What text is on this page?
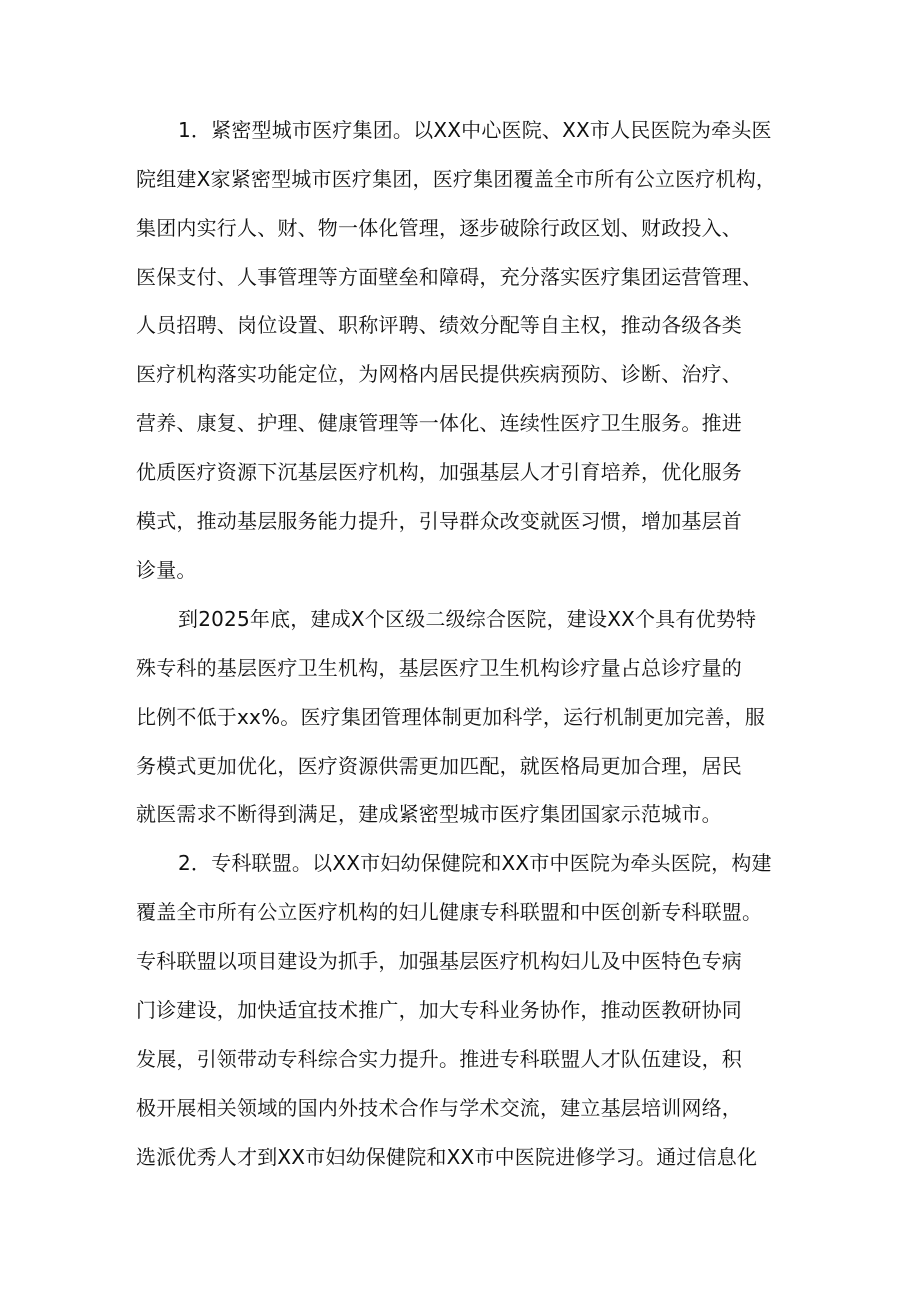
1．紧密型城市医疗集团。以XX中心医院、XX市人民医院为牵头医
院组建X家紧密型城市医疗集团，医疗集团覆盖全市所有公立医疗机构，
集团内实行人、财、物一体化管理，逐步破除行政区划、财政投入、
医保支付、人事管理等方面壁垒和障碍，充分落实医疗集团运营管理、
人员招聘、岗位设置、职称评聘、绩效分配等自主权，推动各级各类
医疗机构落实功能定位，为网格内居民提供疾病预防、诊断、治疗、
营养、康复、护理、健康管理等一体化、连续性医疗卫生服务。推进
优质医疗资源下沉基层医疗机构，加强基层人才引育培养，优化服务
模式，推动基层服务能力提升，引导群众改变就医习惯，增加基层首
诊量。
到2025年底，建成X个区级二级综合医院，建设XX个具有优势特
殊专科的基层医疗卫生机构，基层医疗卫生机构诊疗量占总诊疗量的
比例不低于xx%。医疗集团管理体制更加科学，运行机制更加完善，服
务模式更加优化，医疗资源供需更加匹配，就医格局更加合理，居民
就医需求不断得到满足，建成紧密型城市医疗集团国家示范城市。
2．专科联盟。以XX市妇幼保健院和XX市中医院为牵头医院，构建
覆盖全市所有公立医疗机构的妇儿健康专科联盟和中医创新专科联盟。
专科联盟以项目建设为抓手，加强基层医疗机构妇儿及中医特色专病
门诊建设，加快适宜技术推广，加大专科业务协作，推动医教研协同
发展，引领带动专科综合实力提升。推进专科联盟人才队伍建设，积
极开展相关领域的国内外技术合作与学术交流，建立基层培训网络，
选派优秀人才到XX市妇幼保健院和XX市中医院进修学习。通过信息化
